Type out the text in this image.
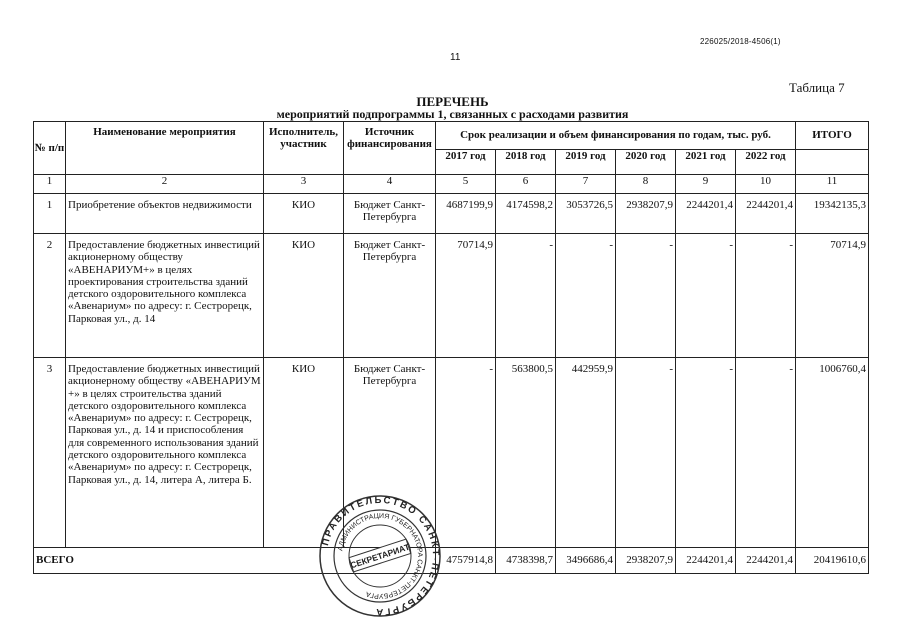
226025/2018-4506(1)
11
Таблица 7
ПЕРЕЧЕНЬ
мероприятий подпрограммы 1, связанных с расходами развития
№ п/п	Наименование мероприятия	Исполнитель, участник	Источник финансирования	Срок реализации и объем финансирования по годам, тыс. руб.						ИТОГО
				2017 год	2018 год	2019 год	2020 год	2021 год	2022 год	
1	2	3	4	5	6	7	8	9	10	11
1	Приобретение объектов недвижимости	КИО	Бюджет Санкт-Петербурга	4687199,9	4174598,2	3053726,5	2938207,9	2244201,4	2244201,4	19342135,3
2	Предоставление бюджетных инвестиций акционерному обществу «АВЕНАРИУМ+» в целях проектирования строительства зданий детского оздоровительного комплекса «Авенариум» по адресу: г. Сестрорецк, Парковая ул., д. 14	КИО	Бюджет Санкт-Петербурга	70714,9	-	-	-	-	-	70714,9
3	Предоставление бюджетных инвестиций акционерному обществу «АВЕНАРИУМ +» в целях строительства зданий детского оздоровительного комплекса «Авенариум» по адресу: г. Сестрорецк, Парковая ул., д. 14 и приспособления для современного использования зданий детского оздоровительного комплекса «Авенариум» по адресу: г. Сестрорецк, Парковая ул., д. 14, литера А, литера Б.	КИО	Бюджет Санкт-Петербурга	-	563800,5	442959,9	-	-	-	1006760,4
ВСЕГО				4757914,8	4738398,7	3496686,4	2938207,9	2244201,4	2244201,4	20419610,6
ПРАВИТЕЛЬСТВО САНКТ-ПЕТЕРБУРГА
АДМИНИСТРАЦИЯ ГУБЕРНАТОРА САНКТ-ПЕТЕРБУРГА
СЕКРЕТАРИАТ
